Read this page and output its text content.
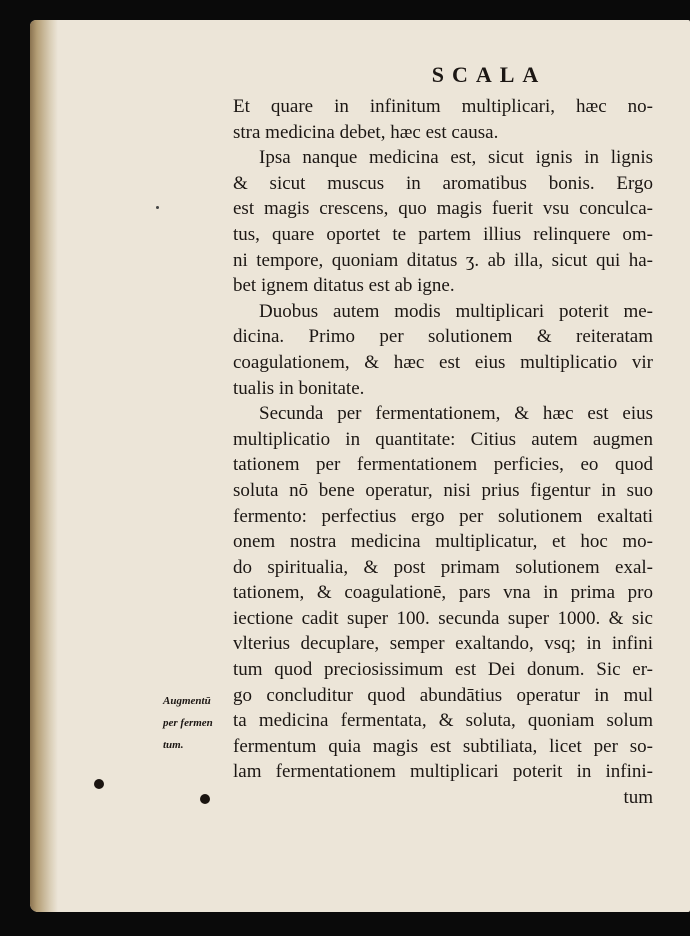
SCALA
Et quare in infinitum multiplicari, hæc no-
stra medicina debet, hæc est causa.
Ipsa nanque medicina est, sicut ignis in lignis
& sicut muscus in aromatibus bonis. Ergo
est magis crescens, quo magis fuerit vsu conculca-
tus, quare oportet te partem illius relinquere om-
ni tempore, quoniam ditatus ʒ. ab illa, sicut qui ha-
bet ignem ditatus est ab igne.
Duobus autem modis multiplicari poterit me-
dicina. Primo per solutionem & reiteratam
coagulationem, & hæc est eius multiplicatio vir
tualis in bonitate.
Secunda per fermentationem, & hæc est eius
multiplicatio in quantitate: Citius autem augmen
tationem per fermentationem perficies, eo quod
soluta nō bene operatur, nisi prius figentur in suo
fermento: perfectius ergo per solutionem exaltati
onem nostra medicina multiplicatur, et hoc mo-
do spiritualia, & post primam solutionem exal-
tationem, & coagulationē, pars vna in prima pro
iectione cadit super 100. secunda super 1000. & sic
vlterius decuplare, semper exaltando, vsq; in infini
tum quod preciosissimum est Dei donum. Sic er-
go concluditur quod abundātius operatur in mul
ta medicina fermentata, & soluta, quoniam solum
fermentum quia magis est subtiliata, licet per so-
lam fermentationem multiplicari poterit in infini-
tum
Augmentū
per fermen
tum.
